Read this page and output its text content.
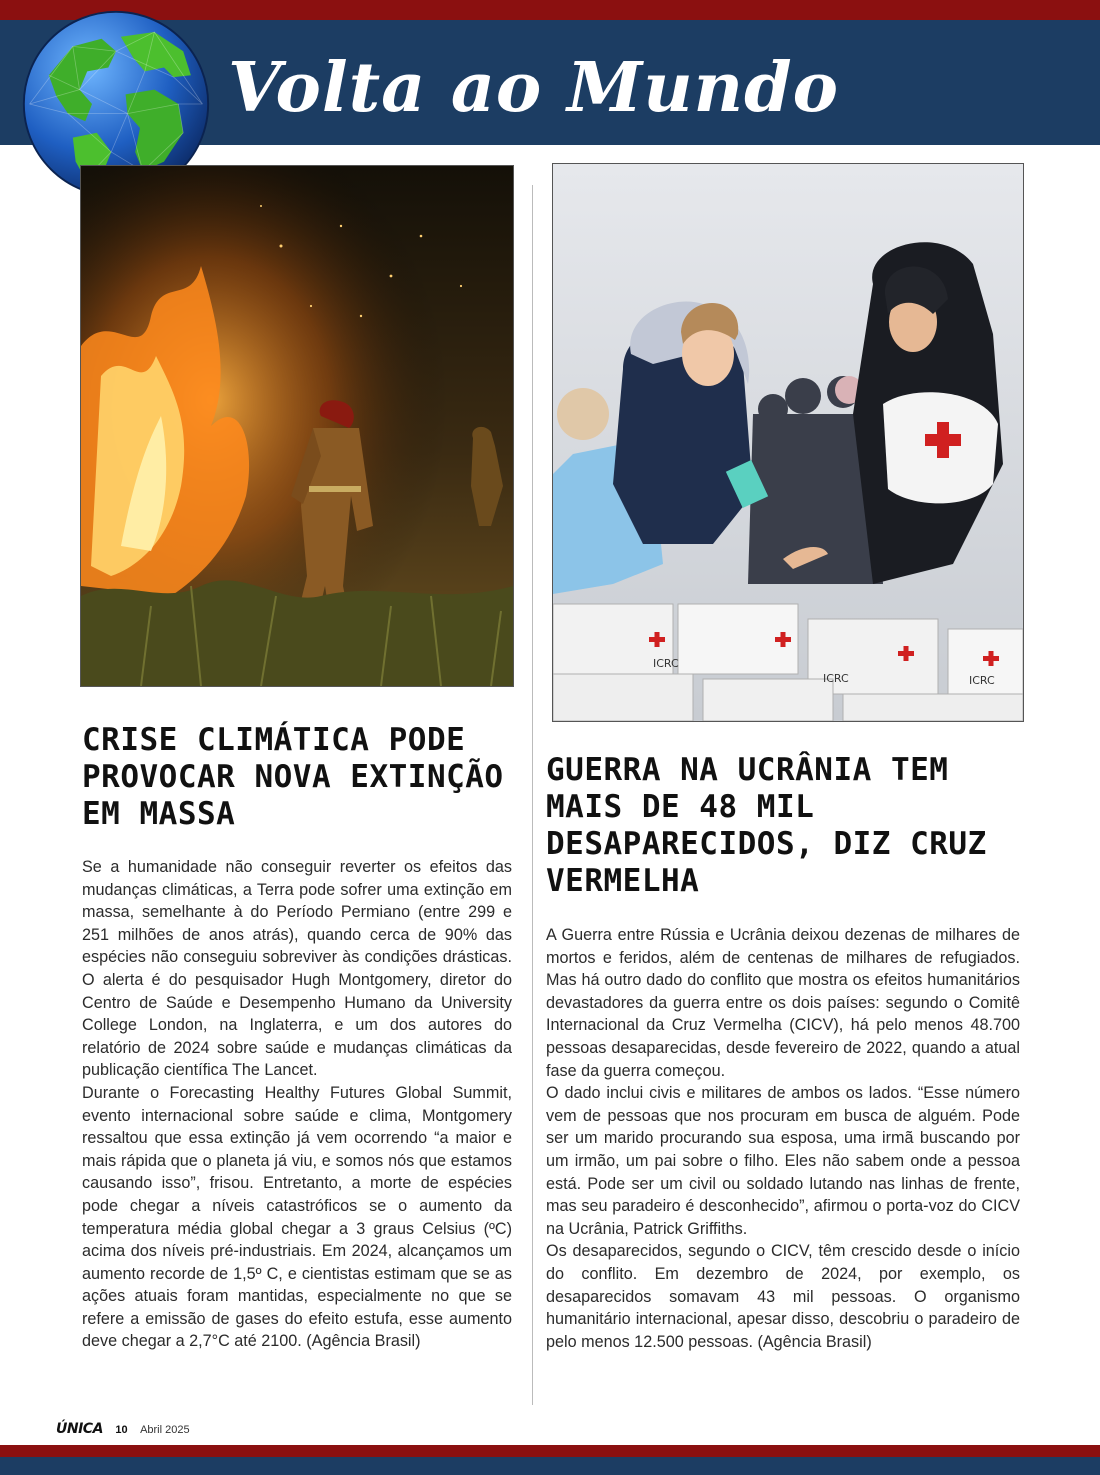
Volta ao Mundo
ICRC
ICRC	ICRC
CRISE CLIMÁTICA PODE PROVOCAR NOVA EXTINÇÃO EM MASSA

Se a humanidade não conseguir reverter os efeitos das mudanças climáticas, a Terra pode sofrer uma extinção em massa, semelhante à do Período Permiano (entre 299 e 251 milhões de anos atrás), quando cerca de 90% das espécies não conseguiu sobreviver às condições drásticas. O alerta é do pesquisador Hugh Montgomery, diretor do Centro de Saúde e Desempenho Humano da University College London, na Inglaterra, e um dos autores do relatório de 2024 sobre saúde e mudanças climáticas da publicação científica The Lancet.

Durante o Forecasting Healthy Futures Global Summit, evento internacional sobre saúde e clima, Montgomery ressaltou que essa extinção já vem ocorrendo “a maior e mais rápida que o planeta já viu, e somos nós que estamos causando isso”, frisou. Entretanto, a morte de espécies pode chegar a níveis catastróficos se o aumento da temperatura média global chegar a 3 graus Celsius (ºC) acima dos níveis pré-industriais. Em 2024, alcançamos um aumento recorde de 1,5º C, e cientistas estimam que se as ações atuais foram mantidas, especialmente no que se refere a emissão de gases do efeito estufa, esse aumento deve chegar a 2,7°C até 2100. (Agência Brasil)

GUERRA NA UCRÂNIA TEM MAIS DE 48 MIL DESAPARECIDOS, DIZ CRUZ VERMELHA

A Guerra entre Rússia e Ucrânia deixou dezenas de milhares de mortos e feridos, além de centenas de milhares de refugiados. Mas há outro dado do conflito que mostra os efeitos humanitários devastadores da guerra entre os dois países: segundo o Comitê Internacional da Cruz Vermelha (CICV), há pelo menos 48.700 pessoas desaparecidas, desde fevereiro de 2022, quando a atual fase da guerra começou.

O dado inclui civis e militares de ambos os lados. “Esse número vem de pessoas que nos procuram em busca de alguém. Pode ser um marido procurando sua esposa, uma irmã buscando por um irmão, um pai sobre o filho. Eles não sabem onde a pessoa está. Pode ser um civil ou soldado lutando nas linhas de frente, mas seu paradeiro é desconhecido”, afirmou o porta-voz do CICV na Ucrânia, Patrick Griffiths.

Os desaparecidos, segundo o CICV, têm crescido desde o início do conflito. Em dezembro de 2024, por exemplo, os desaparecidos somavam 43 mil pessoas. O organismo humanitário internacional, apesar disso, descobriu o paradeiro de pelo menos 12.500 pessoas. (Agência Brasil)

ÚNICA 10 Abril 2025
